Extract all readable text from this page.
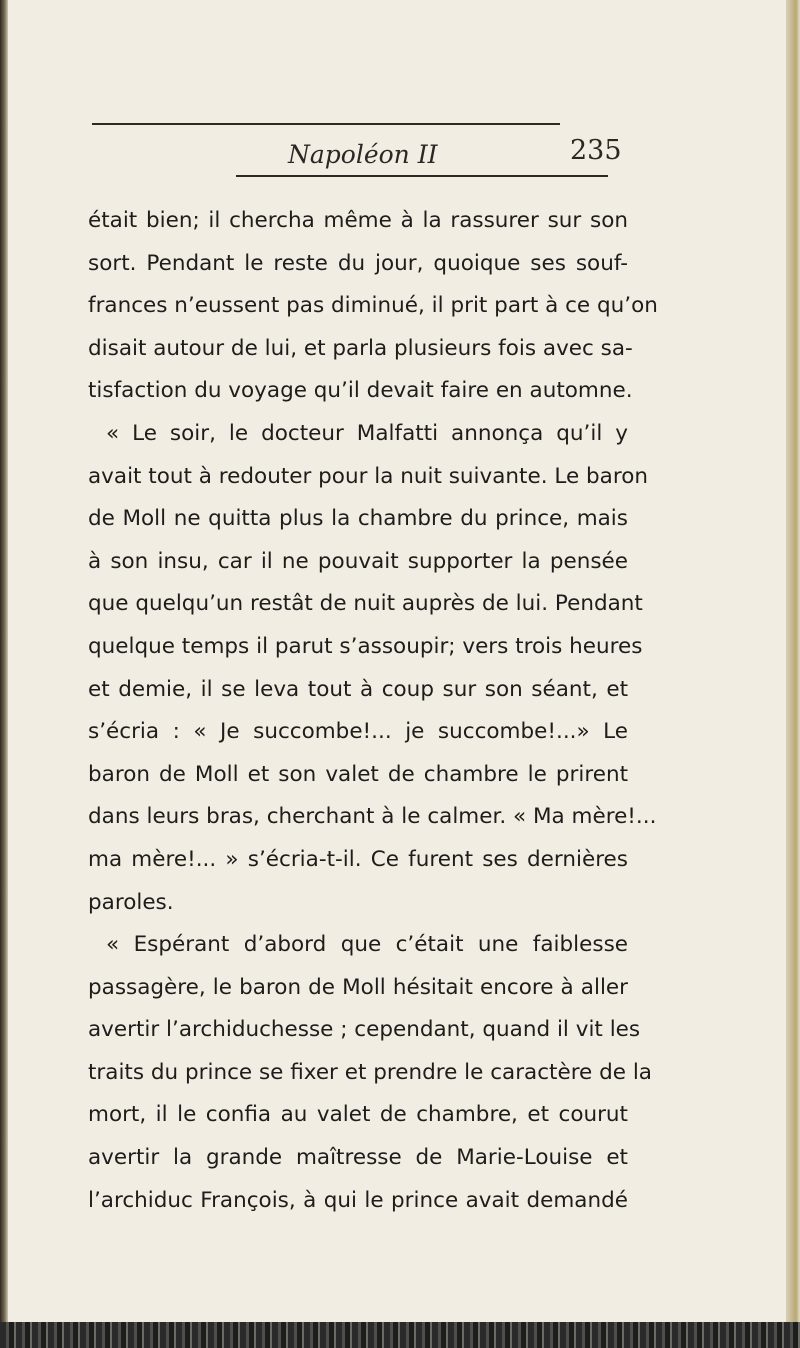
Napoléon II	235

était bien; il chercha même à la rassurer sur son
sort. Pendant le reste du jour, quoique ses souf-
frances n’eussent pas diminué, il prit part à ce qu’on
disait autour de lui, et parla plusieurs fois avec sa-
tisfaction du voyage qu’il devait faire en automne.
« Le soir, le docteur Malfatti annonça qu’il y
avait tout à redouter pour la nuit suivante. Le baron
de Moll ne quitta plus la chambre du prince, mais
à son insu, car il ne pouvait supporter la pensée
que quelqu’un restât de nuit auprès de lui. Pendant
quelque temps il parut s’assoupir; vers trois heures
et demie, il se leva tout à coup sur son séant, et
s’écria : « Je succombe!... je succombe!...» Le
baron de Moll et son valet de chambre le prirent
dans leurs bras, cherchant à le calmer. « Ma mère!...
ma mère!... » s’écria-t-il. Ce furent ses dernières
paroles.
« Espérant d’abord que c’était une faiblesse
passagère, le baron de Moll hésitait encore à aller
avertir l’archiduchesse ; cependant, quand il vit les
traits du prince se fixer et prendre le caractère de la
mort, il le confia au valet de chambre, et courut
avertir la grande maîtresse de Marie-Louise et
l’archiduc François, à qui le prince avait demandé
